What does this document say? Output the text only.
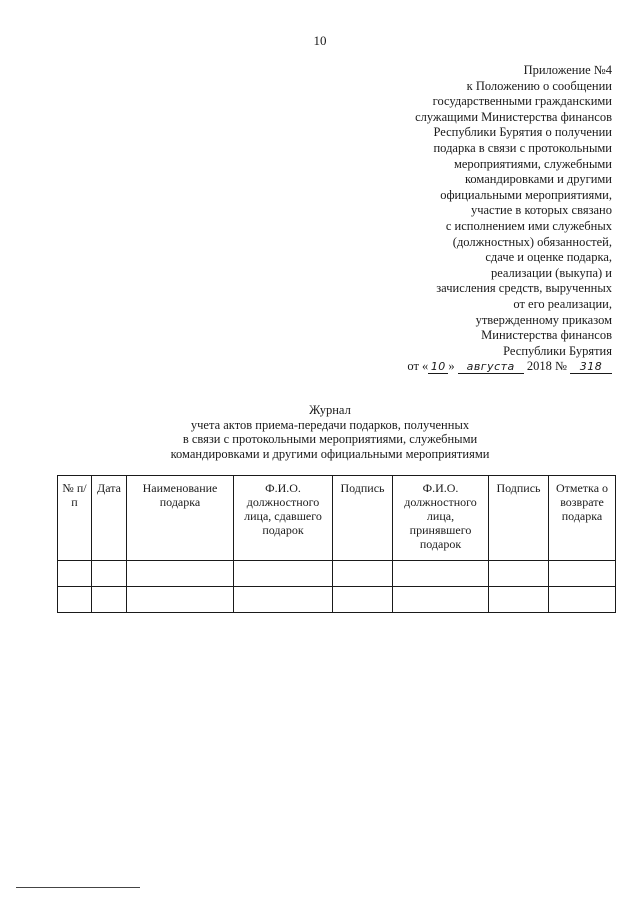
10
Приложение №4
к Положению о сообщении
государственными гражданскими
служащими Министерства финансов
Республики Бурятия о получении
подарка в связи с протокольными
мероприятиями, служебными
командировками и другими
официальными мероприятиями,
участие в которых связано
с исполнением ими служебных
(должностных) обязанностей,
сдаче и оценке подарка,
реализации (выкупа) и
зачисления средств, вырученных
от его реализации,
утвержденному приказом
Министерства финансов
Республики Бурятия
от « 10 » августа 2018 № 318
Журнал
учета актов приема-передачи подарков, полученных
в связи с протокольными мероприятиями, служебными
командировками и другими официальными мероприятиями
№ п/п	Дата	Наименование подарка	Ф.И.О. должностного лица, сдавшего подарок	Подпись	Ф.И.О. должностного лица, принявшего подарок	Подпись	Отметка о возврате подарка
